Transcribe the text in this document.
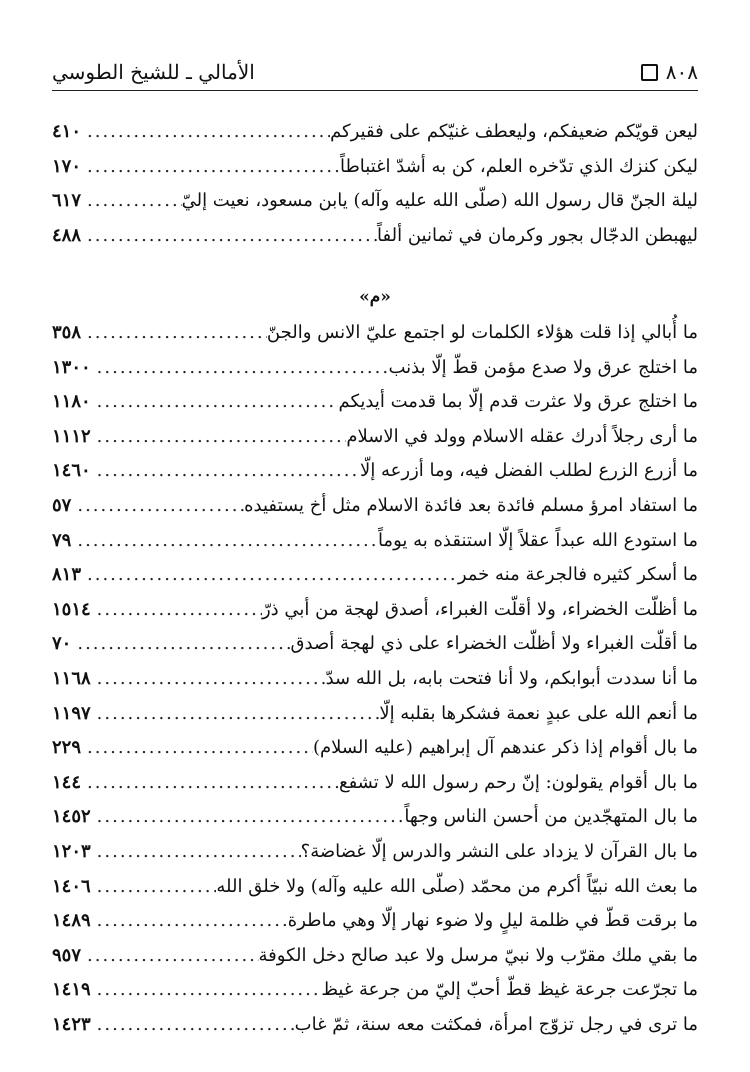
الأمالي ـ للشيخ الطوسي	٨٠٨
ليعن قويّكم ضعيفكم، وليعطف غنيّكم على فقيركم
.....
٤١٠
ليكن كنزك الذي تدّخره العلم، كن به أشدّ اغتباطاً
.....
١٧٠
ليلة الجنّ قال رسول الله (صلّى الله عليه وآله) يابن مسعود، نعيت إليّ
.....
٦١٧
ليهبطن الدجّال بجور وكرمان في ثمانين ألفاً
.....
٤٨٨
«م»
ما أُبالي إذا قلت هؤلاء الكلمات لو اجتمع عليّ الانس والجنّ
.....
٣٥٨
ما اختلج عرق ولا صدع مؤمن قطّ إلّا بذنب
.....
١٣٠٠
ما اختلج عرق ولا عثرت قدم إلّا بما قدمت أيديكم
.....
١١٨٠
ما أرى رجلاً أدرك عقله الاسلام وولد في الاسلام
.....
١١١٢
ما أزرع الزرع لطلب الفضل فيه، وما أزرعه إلّا
.....
١٤٦٠
ما استفاد امرؤ مسلم فائدة بعد فائدة الاسلام مثل أخ يستفيده
.....
٥٧
ما استودع الله عبداً عقلاً إلّا استنقذه به يوماً
.....
٧٩
ما أسكر كثيره فالجرعة منه خمر
.....
٨١٣
ما أظلّت الخضراء، ولا أقلّت الغبراء، أصدق لهجة من أبي ذرّ
.....
١٥١٤
ما أقلّت الغبراء ولا أظلّت الخضراء على ذي لهجة أصدق
.....
٧٠
ما أنا سددت أبوابكم، ولا أنا فتحت بابه، بل الله سدّ
.....
١١٦٨
ما أنعم الله على عبدٍ نعمة فشكرها بقلبه إلّا
.....
١١٩٧
ما بال أقوام إذا ذكر عندهم آل إبراهيم (عليه السلام)
.....
٢٢٩
ما بال أقوام يقولون: إنّ رحم رسول الله لا تشفع
.....
١٤٤
ما بال المتهجّدين من أحسن الناس وجهاً
.....
١٤٥٢
ما بال القرآن لا يزداد على النشر والدرس إلّا غضاضة؟
.....
١٢٠٣
ما بعث الله نبيّاً أكرم من محمّد (صلّى الله عليه وآله) ولا خلق الله
.....
١٤٠٦
ما برقت قطّ في ظلمة ليلٍ ولا ضوء نهار إلّا وهي ماطرة
.....
١٤٨٩
ما بقي ملك مقرّب ولا نبيّ مرسل ولا عبد صالح دخل الكوفة
.....
٩٥٧
ما تجرّعت جرعة غيظ قطّ أحبّ إليّ من جرعة غيظ
.....
١٤١٩
ما ترى في رجل تزوّج امرأة، فمكثت معه سنة، ثمّ غاب
.....
١٤٢٣
